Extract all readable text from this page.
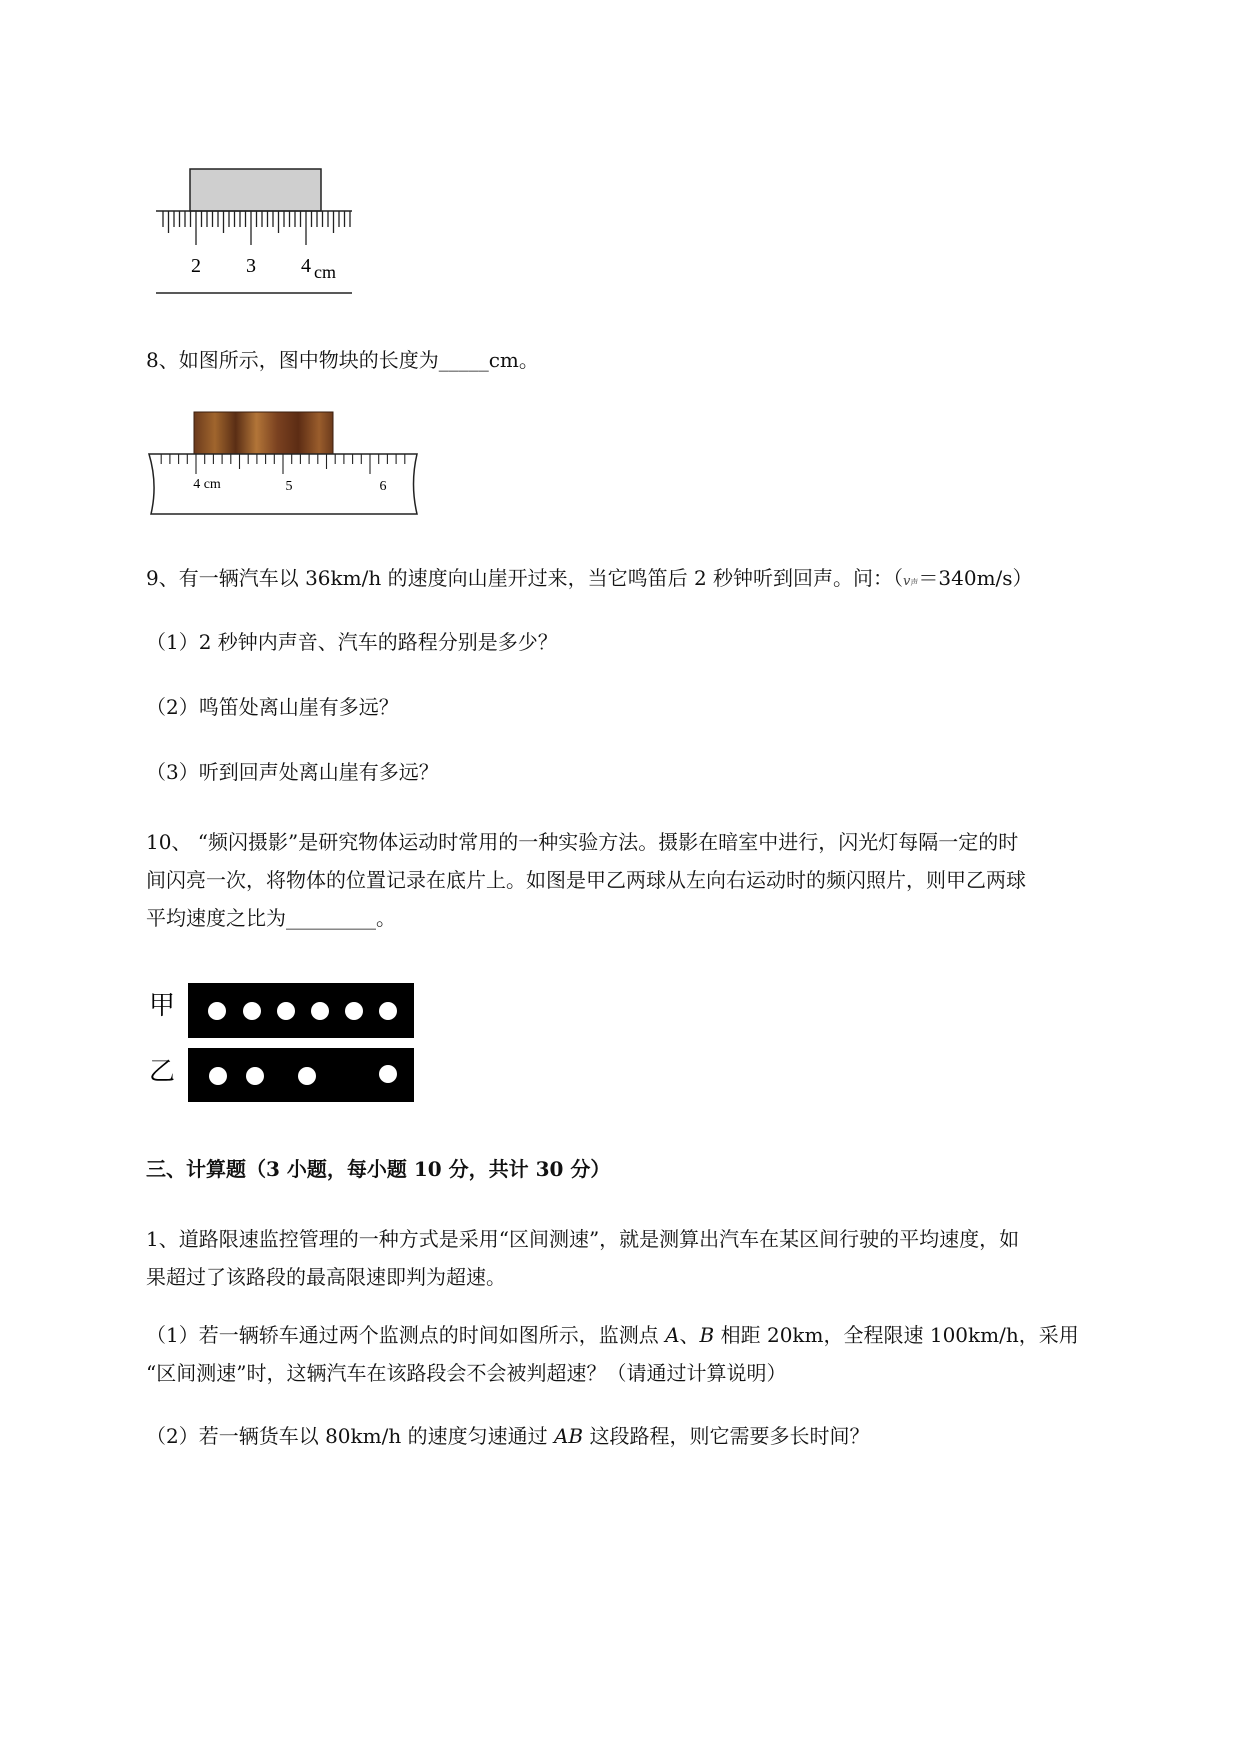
2 3 4 cm
8、如图所示，图中物块的长度为_____cm。
4 cm	5	6
9、有一辆汽车以 36km/h 的速度向山崖开过来，当它鸣笛后 2 秒钟听到回声。问：（v声＝340m/s）
（1）2 秒钟内声音、汽车的路程分别是多少？
（2）鸣笛处离山崖有多远？
（3）听到回声处离山崖有多远？
10、 “频闪摄影”是研究物体运动时常用的一种实验方法。摄影在暗室中进行，闪光灯每隔一定的时
间闪亮一次，将物体的位置记录在底片上。如图是甲乙两球从左向右运动时的频闪照片，则甲乙两球
平均速度之比为_________。
甲
乙
三、计算题（3 小题，每小题 10 分，共计 30 分）
1、道路限速监控管理的一种方式是采用“区间测速”，就是测算出汽车在某区间行驶的平均速度，如
果超过了该路段的最高限速即判为超速。
（1）若一辆轿车通过两个监测点的时间如图所示，监测点 A、B 相距 20km，全程限速 100km/h，采用
“区间测速”时，这辆汽车在该路段会不会被判超速？（请通过计算说明）
（2）若一辆货车以 80km/h 的速度匀速通过 AB 这段路程，则它需要多长时间？
